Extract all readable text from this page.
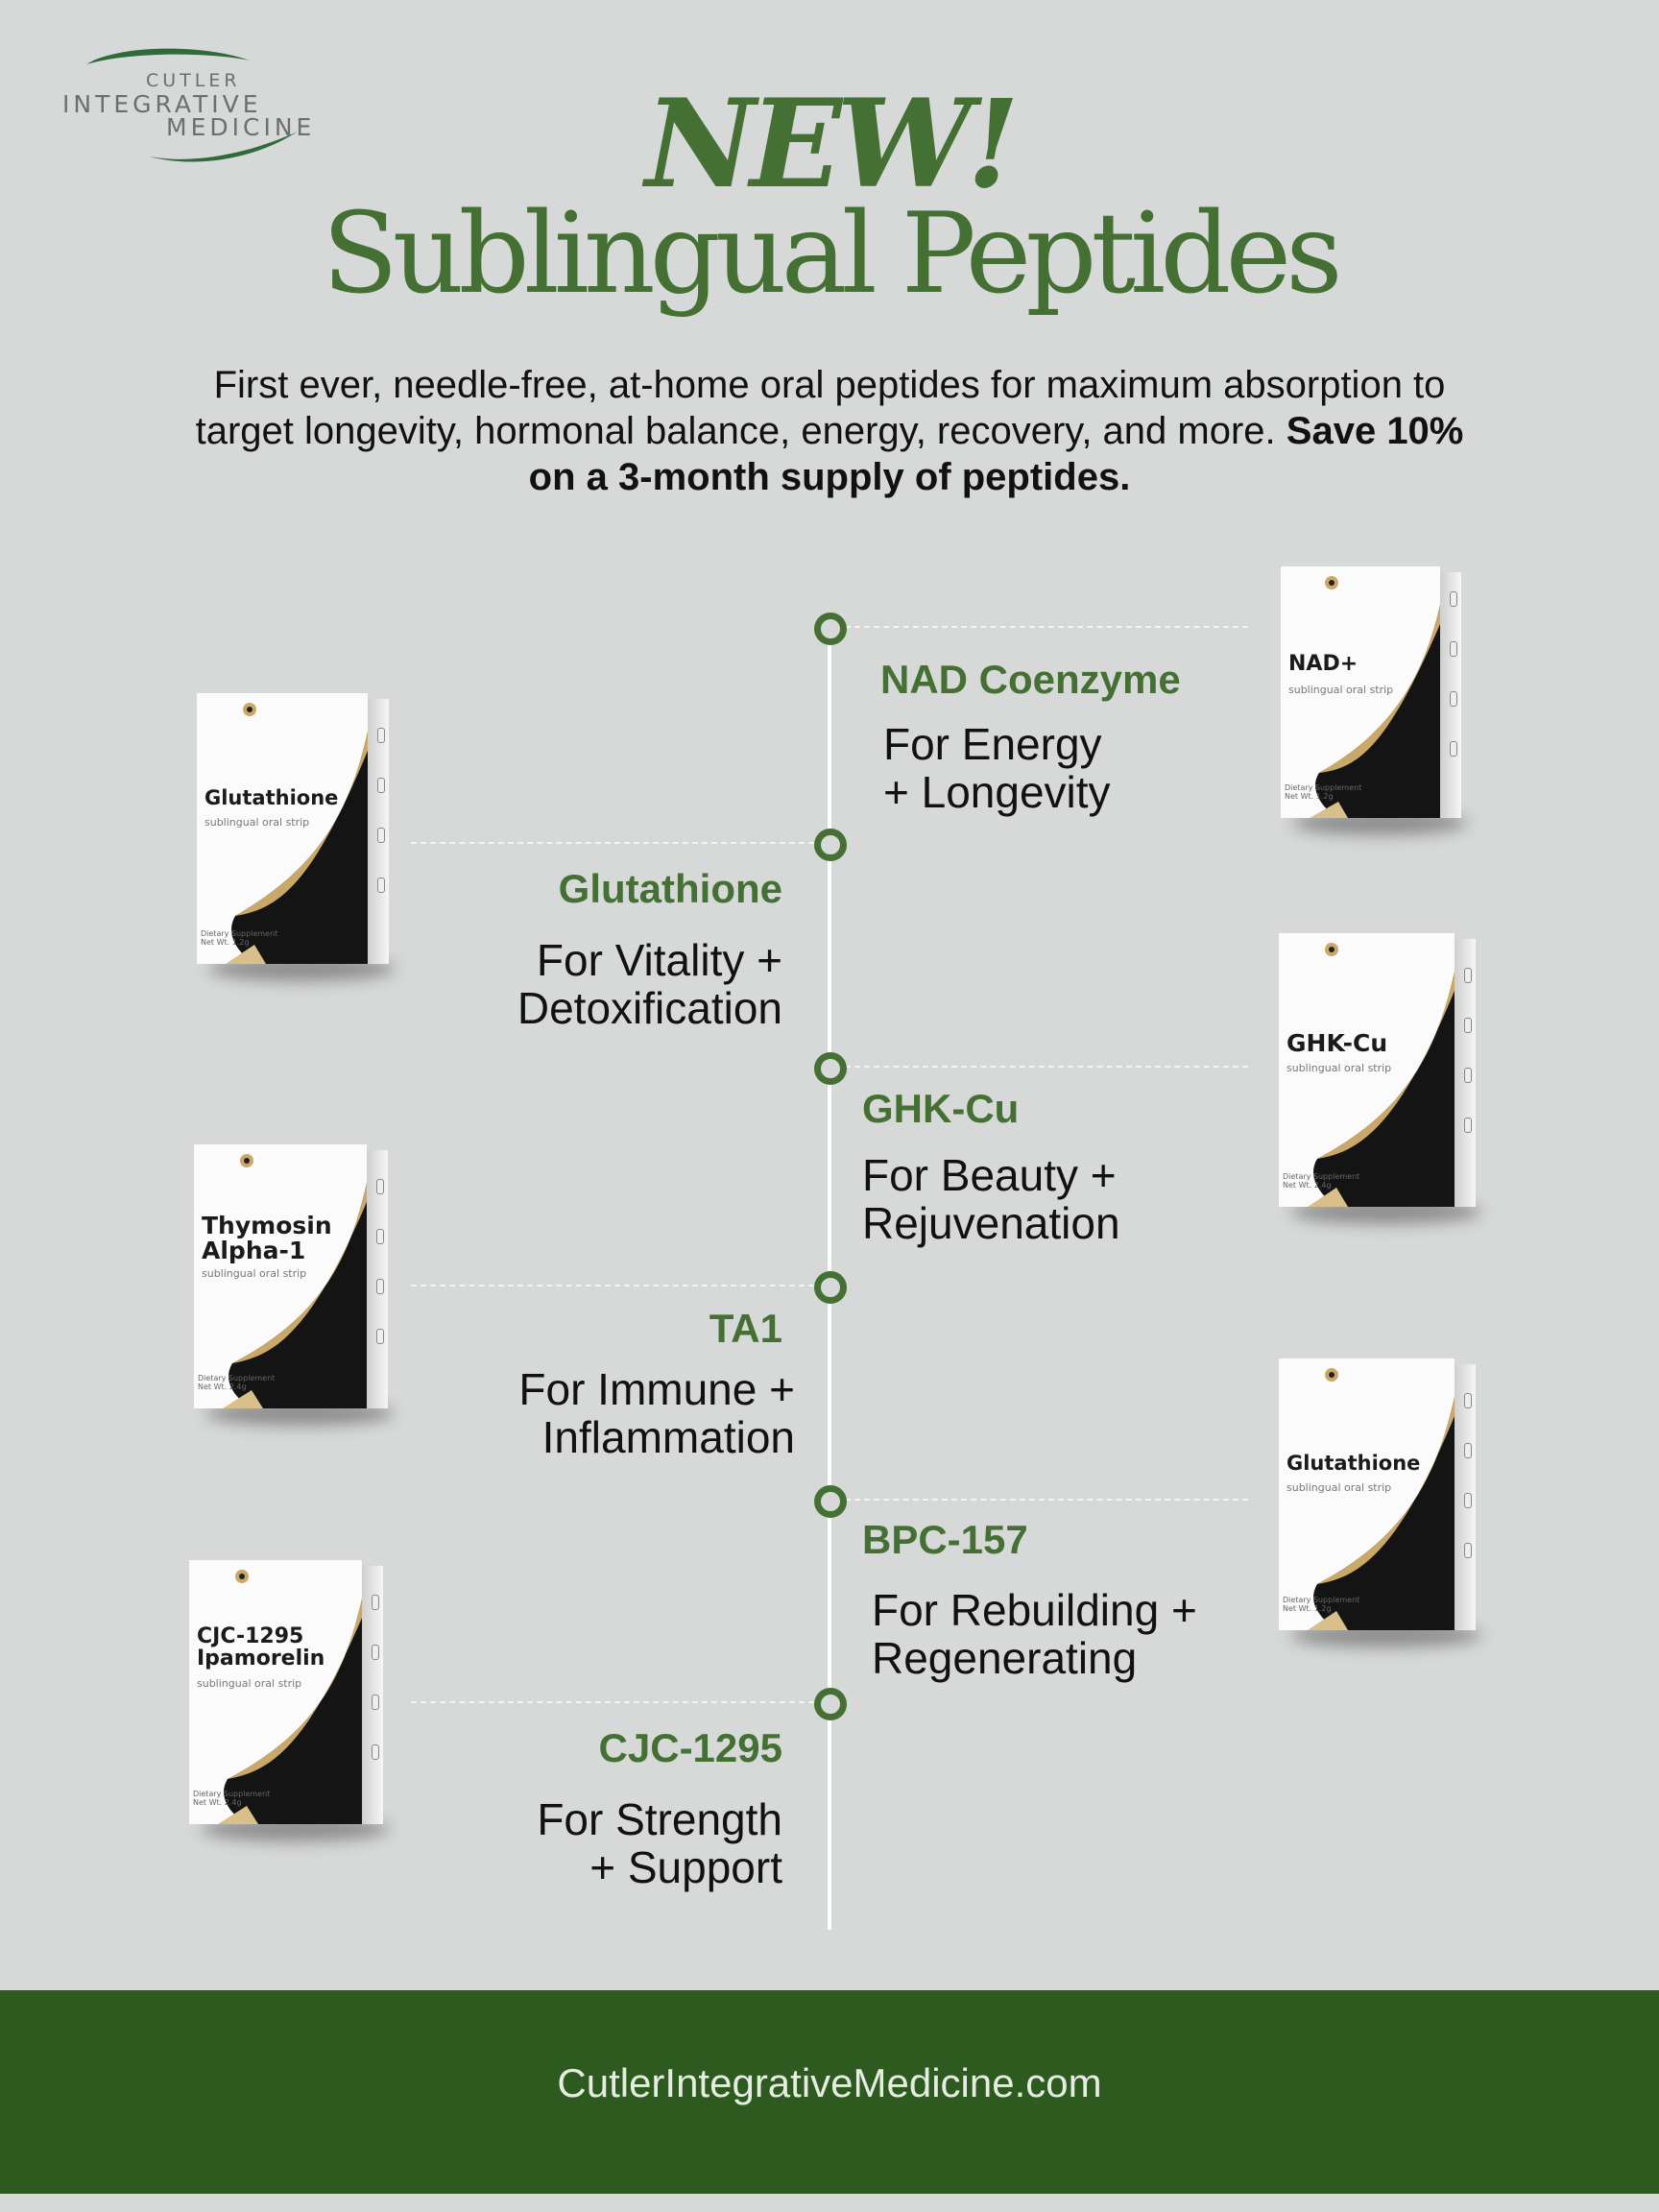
CUTLER
INTEGRATIVE
MEDICINE	NEW!
Sublingual Peptides
First ever, needle-free, at-home oral peptides for maximum absorption to target longevity, hormonal balance, energy, recovery, and more. Save 10% on a 3-month supply of peptides.
NAD Coenzyme
For Energy
+ Longevity
Glutathione
For Vitality +
Detoxification
GHK-Cu
For Beauty +
Rejuvenation
TA1
For Immune +
Inflammation
BPC-157
For Rebuilding +
Regenerating
CJC-1295
For Strength
+ Support
NAD+
sublingual oral strip
Dietary Supplement
Net Wt. 1.2g
Glutathione
sublingual oral strip
Dietary Supplement
Net Wt. 1.2g
GHK-Cu
sublingual oral strip
Dietary Supplement
Net Wt. 2.4g
Thymosin
Alpha-1
sublingual oral strip
Dietary Supplement
Net Wt. 2.4g
Glutathione
sublingual oral strip
Dietary Supplement
Net Wt. 1.2g
CJC-1295
Ipamorelin
sublingual oral strip
Dietary Supplement
Net Wt. 2.4g
CutlerIntegrativeMedicine.com
